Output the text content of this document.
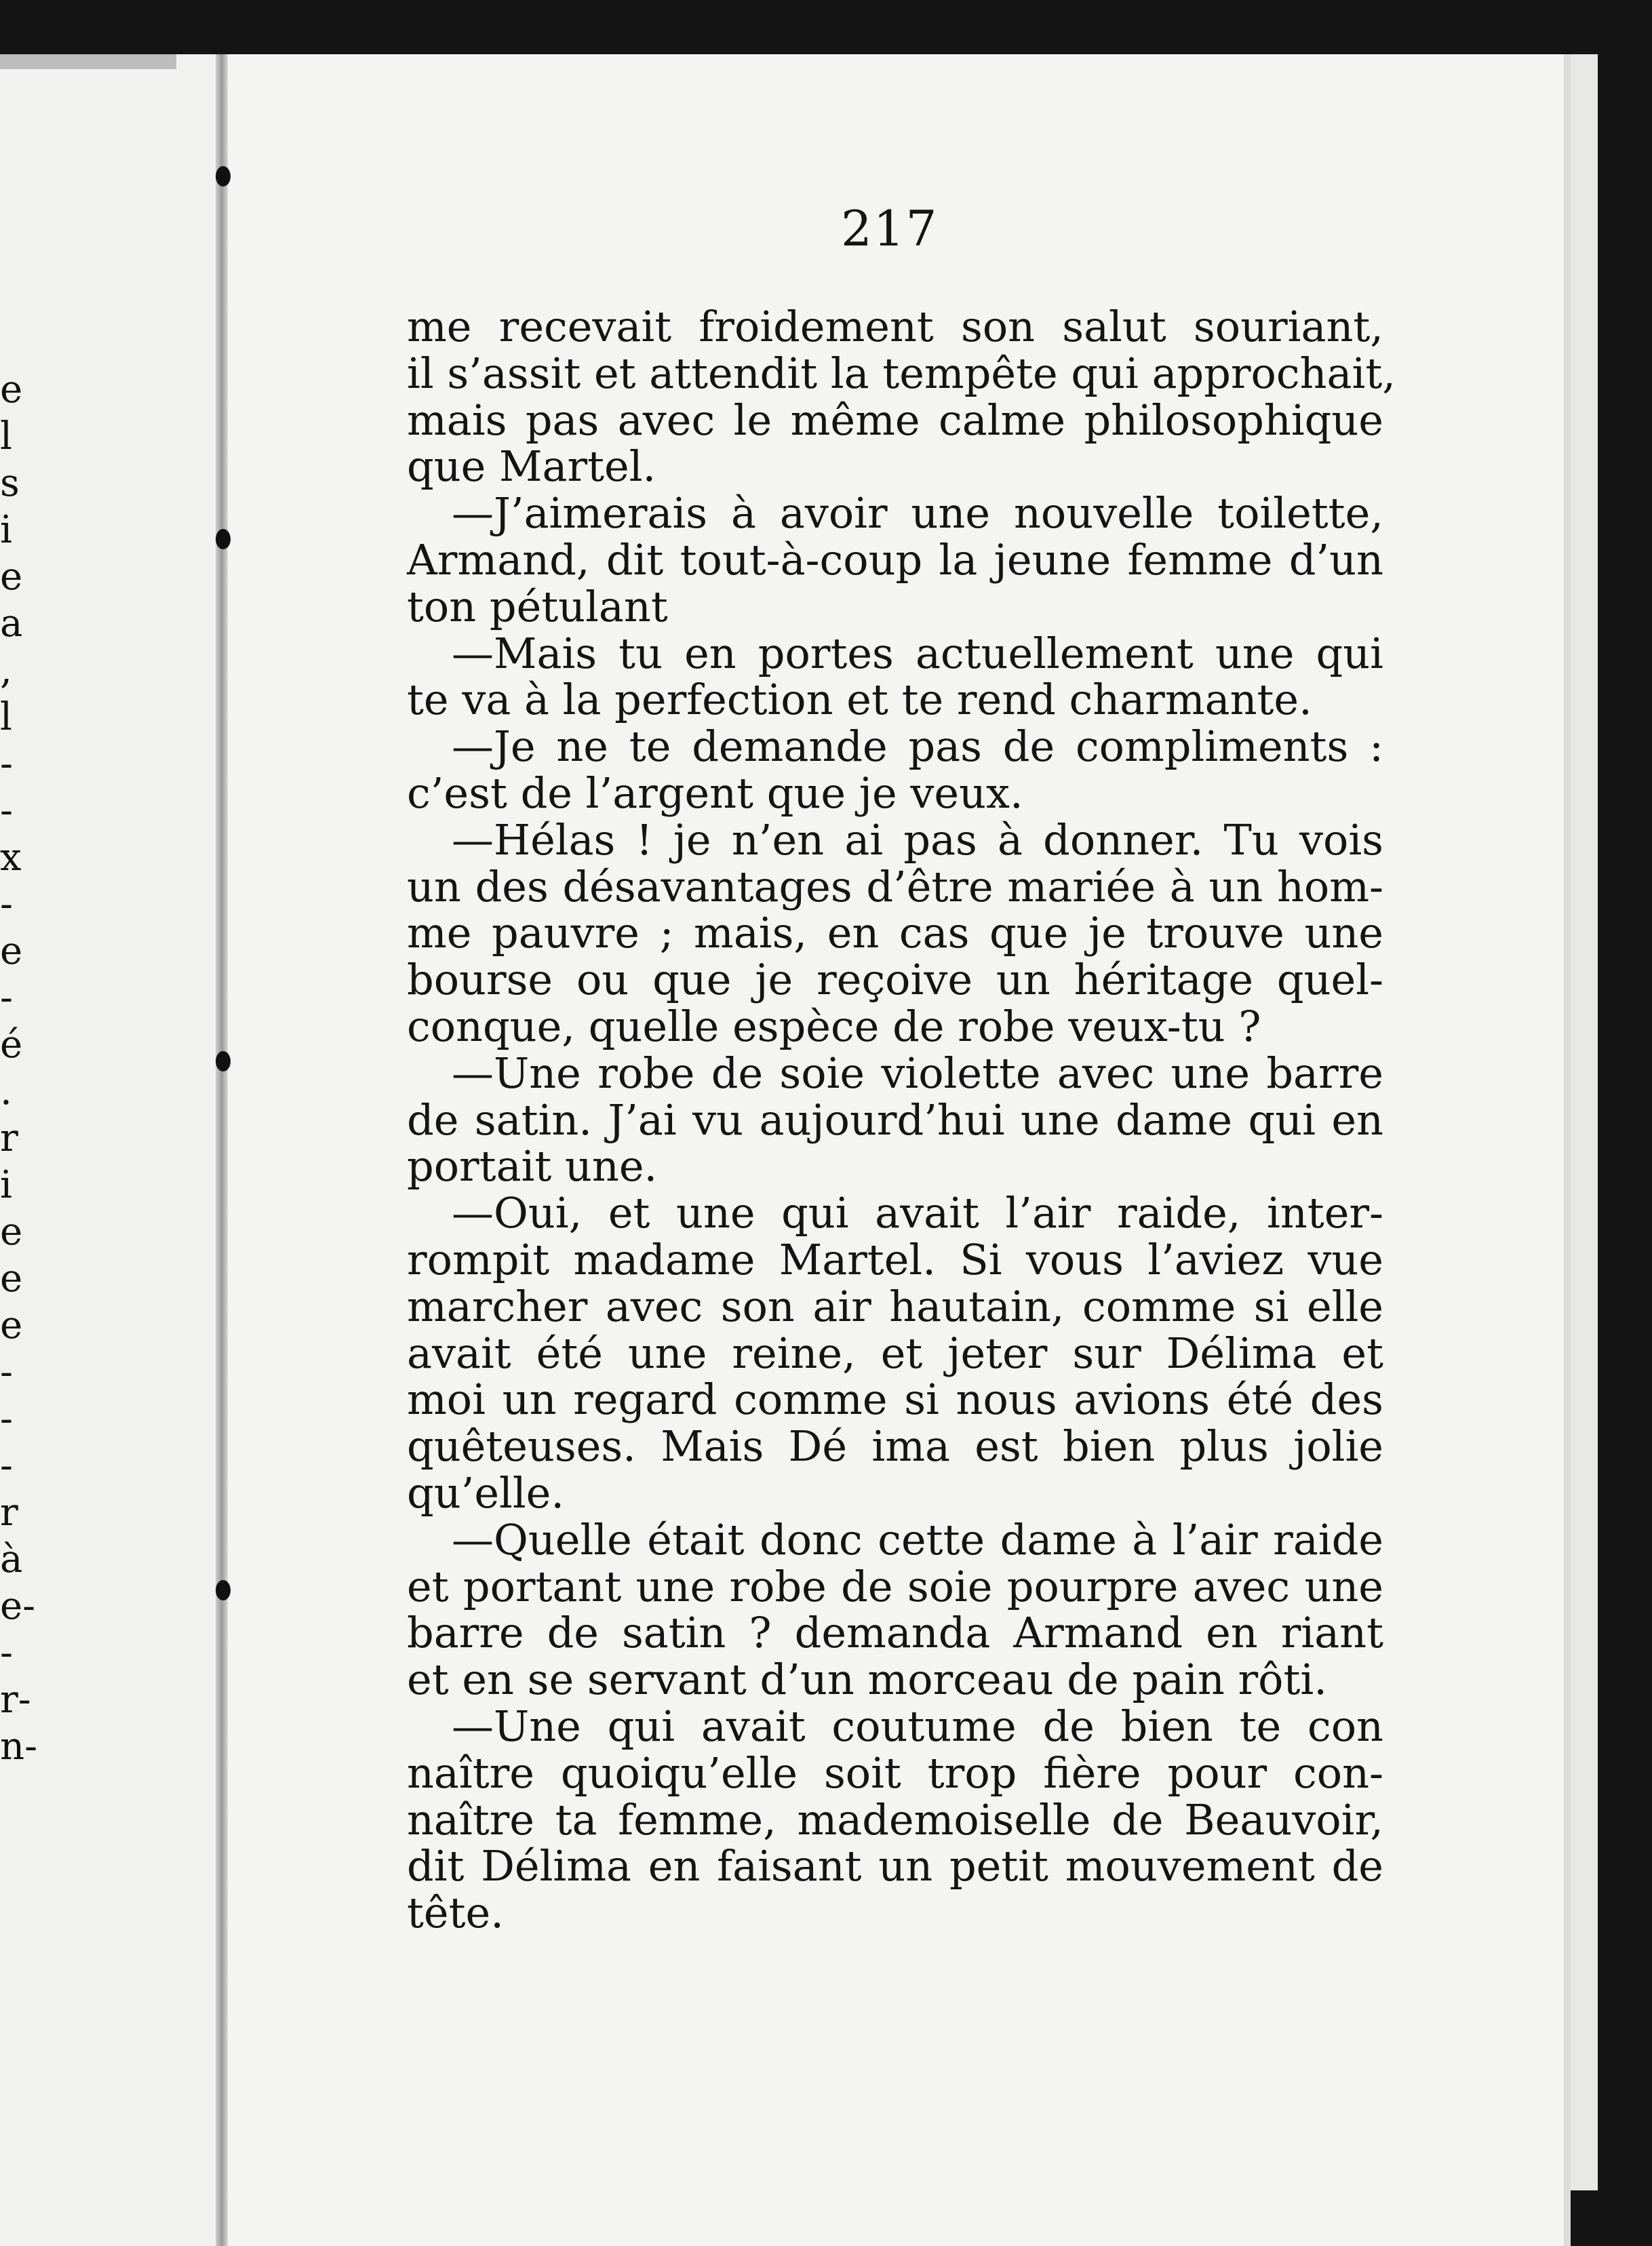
e
l
s
i
e
a
,
l
-
-
x
-
e
-
é
.
r
i
e
e
e
-
-
-
r
à
e-
-
r-
n-
217
me recevait froidement son salut souriant,
il s’assit et attendit la tempête qui approchait,
mais pas avec le même calme philosophique
que Martel.
—J’aimerais à avoir une nouvelle toilette,
Armand, dit tout-à-coup la jeune femme d’un
ton pétulant
—Mais tu en portes actuellement une qui
te va à la perfection et te rend charmante.
—Je ne te demande pas de compliments :
c’est de l’argent que je veux.
—Hélas ! je n’en ai pas à donner. Tu vois
un des désavantages d’être mariée à un hom-
me pauvre ; mais, en cas que je trouve une
bourse ou que je reçoive un héritage quel-
conque, quelle espèce de robe veux-tu ?
—Une robe de soie violette avec une barre
de satin. J’ai vu aujourd’hui une dame qui en
portait une.
—Oui, et une qui avait l’air raide, inter-
rompit madame Martel. Si vous l’aviez vue
marcher avec son air hautain, comme si elle
avait été une reine, et jeter sur Délima et
moi un regard comme si nous avions été des
quêteuses. Mais Dé ima est bien plus jolie
qu’elle.
—Quelle était donc cette dame à l’air raide
et portant une robe de soie pourpre avec une
barre de satin ? demanda Armand en riant
et en se servant d’un morceau de pain rôti.
—Une qui avait coutume de bien te con
naître quoiqu’elle soit trop fière pour con-
naître ta femme, mademoiselle de Beauvoir,
dit Délima en faisant un petit mouvement de
tête.
